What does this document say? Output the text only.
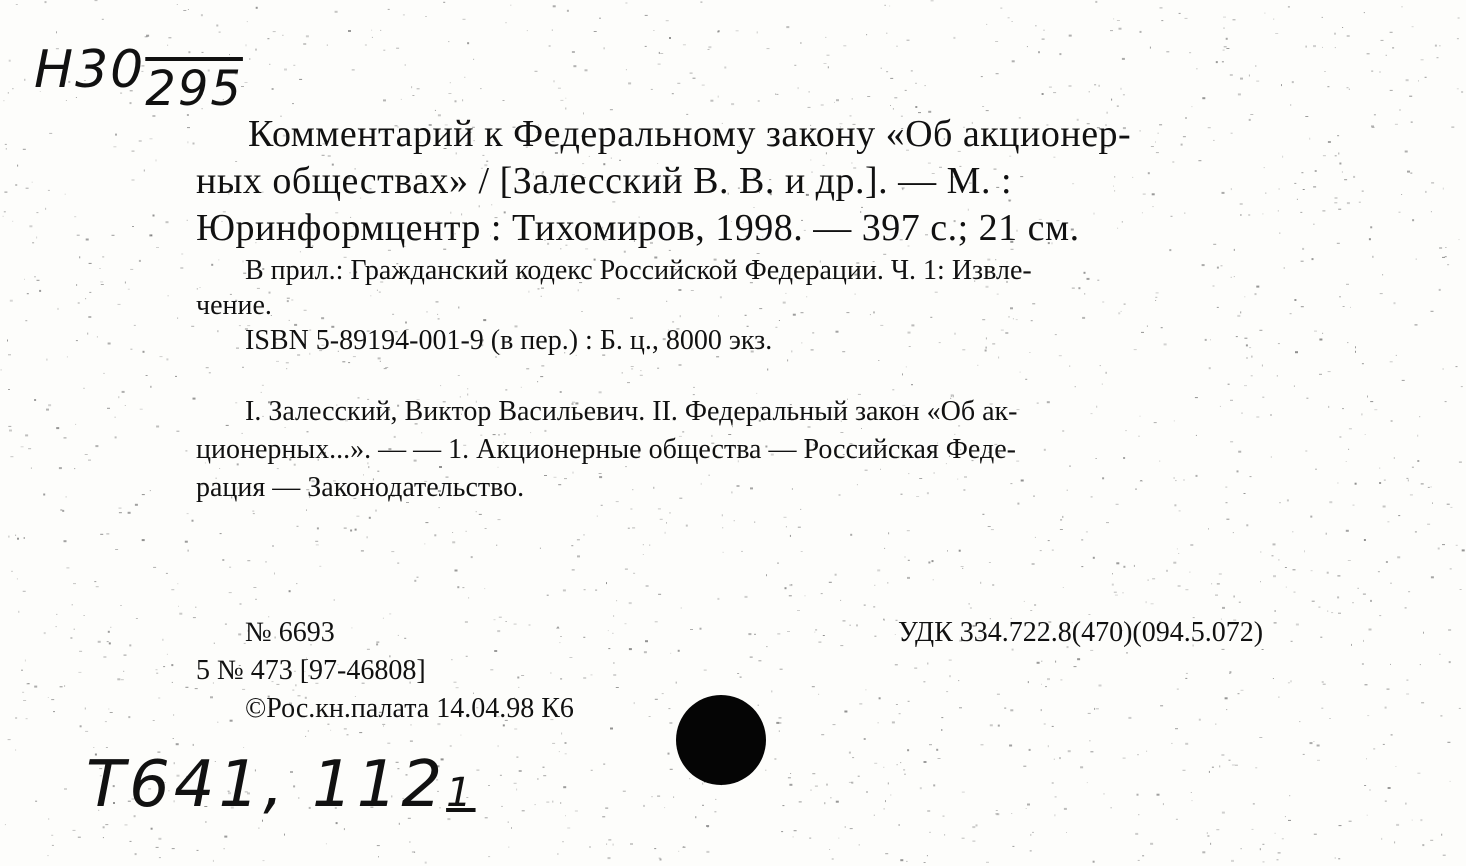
Н30295
Комментарий к Федеральному закону «Об акционер-
ных обществах» / [Залесский В. В. и др.]. — М. :
Юринформцентр : Тихомиров, 1998. — 397 с.; 21 см.
В прил.: Гражданский кодекс Российской Федерации. Ч. 1: Извле-
чение.
ISBN 5-89194-001-9 (в пер.) : Б. ц., 8000 экз.
I. Залесский, Виктор Васильевич. II. Федеральный закон «Об ак-
ционерных...». — — 1. Акционерные общества — Российская Феде-
рация — Законодательство.
№ 6693	УДК 334.722.8(470)(094.5.072)
5 № 473 [97-46808]
©Рос.кн.палата 14.04.98 К6
Т641, 1121
